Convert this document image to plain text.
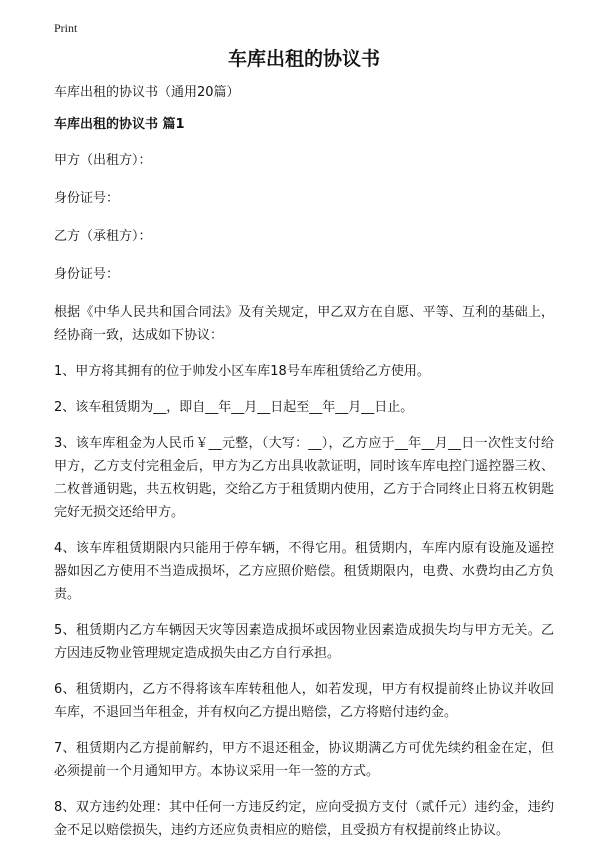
Print
车库出租的协议书

车库出租的协议书（通用20篇）

车库出租的协议书 篇1

甲方（出租方）：

身份证号：

乙方（承租方）：

身份证号：

根据《中华人民共和国合同法》及有关规定，甲乙双方在自愿、平等、互利的基础上，经协商一致，达成如下协议：

1、甲方将其拥有的位于帅发小区车库18号车库租赁给乙方使用。

2、该车租赁期为__，即自__年__月__日起至__年__月__日止。

3、该车库租金为人民币￥__元整，（大写：__），乙方应于__年__月__日一次性支付给甲方，乙方支付完租金后，甲方为乙方出具收款证明，同时该车库电控门遥控器三枚、二枚普通钥匙，共五枚钥匙，交给乙方于租赁期内使用，乙方于合同终止日将五枚钥匙完好无损交还给甲方。

4、该车库租赁期限内只能用于停车辆，不得它用。租赁期内，车库内原有设施及遥控器如因乙方使用不当造成损坏，乙方应照价赔偿。租赁期限内，电费、水费均由乙方负责。

5、租赁期内乙方车辆因天灾等因素造成损坏或因物业因素造成损失均与甲方无关。乙方因违反物业管理规定造成损失由乙方自行承担。

6、租赁期内，乙方不得将该车库转租他人，如若发现，甲方有权提前终止协议并收回车库，不退回当年租金，并有权向乙方提出赔偿，乙方将赔付违约金。

7、租赁期内乙方提前解约，甲方不退还租金，协议期满乙方可优先续约租金在定，但必须提前一个月通知甲方。本协议采用一年一签的方式。

8、双方违约处理：其中任何一方违反约定，应向受损方支付（贰仟元）违约金，违约金不足以赔偿损失，违约方还应负责相应的赔偿，且受损方有权提前终止协议。
